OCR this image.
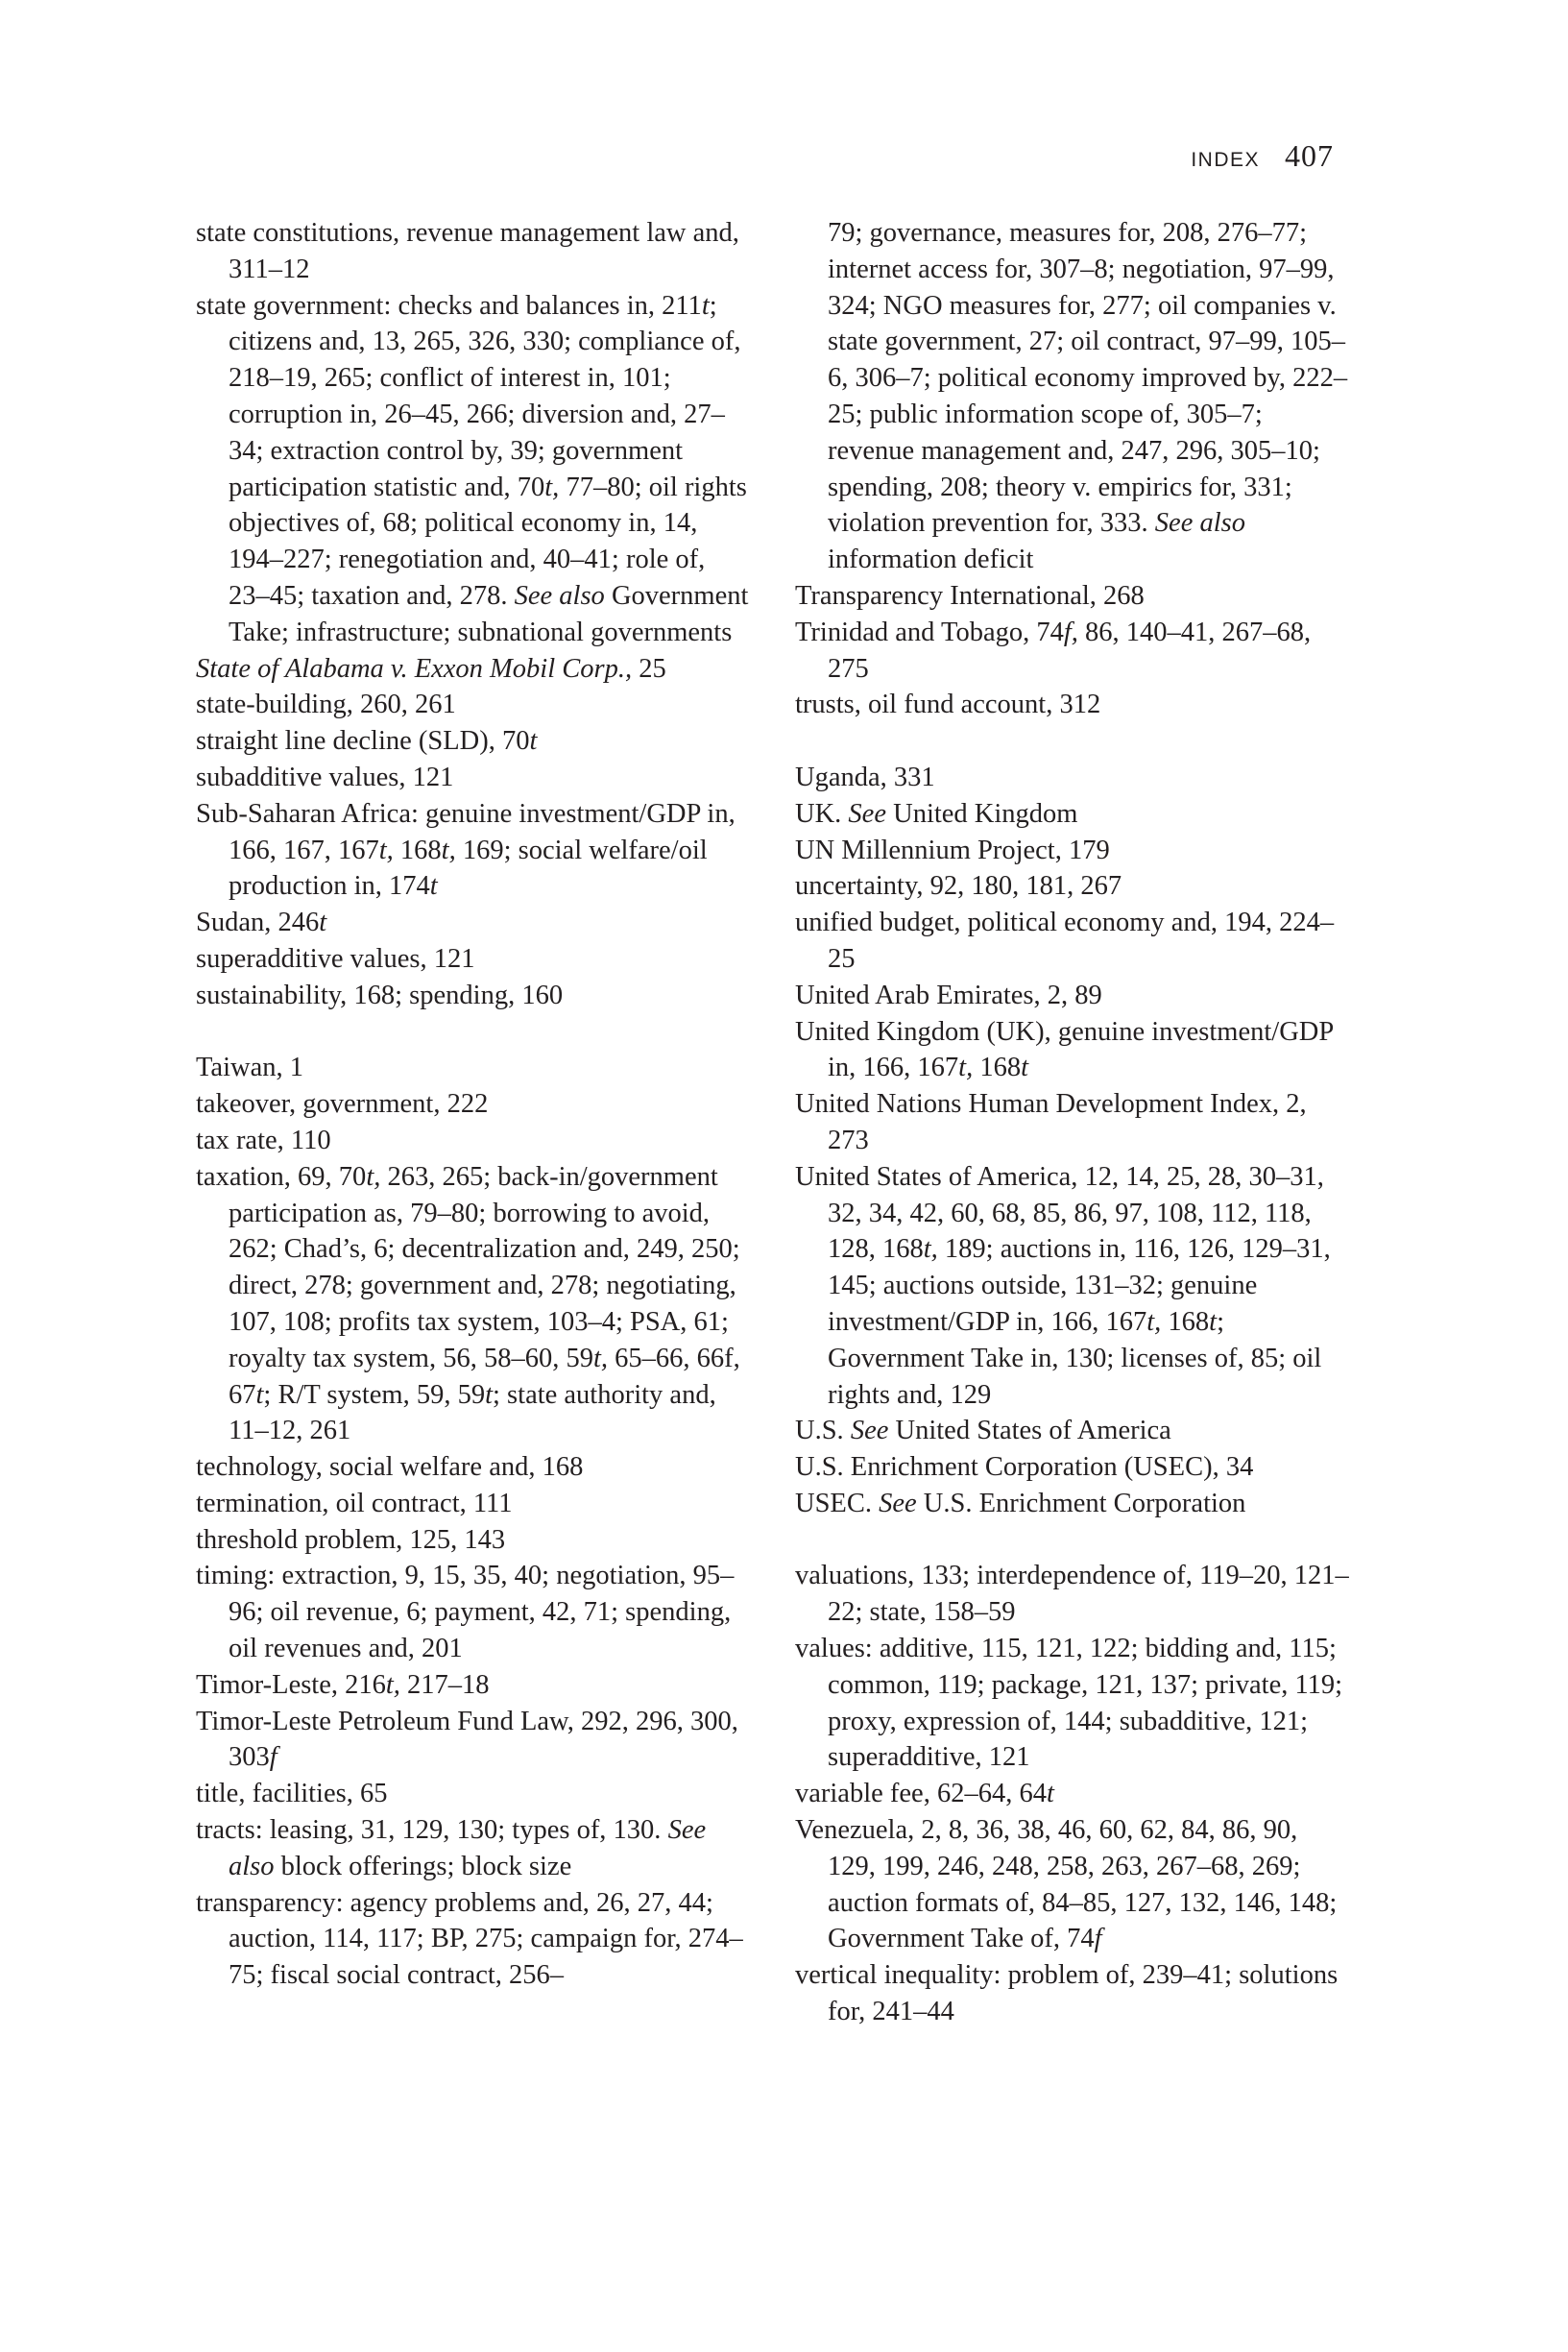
INDEX 407
state constitutions, revenue management law and, 311–12
state government: checks and balances in, 211t; citizens and, 13, 265, 326, 330; compliance of, 218–19, 265; conflict of interest in, 101; corruption in, 26–45, 266; diversion and, 27–34; extraction control by, 39; government participation statistic and, 70t, 77–80; oil rights objectives of, 68; political economy in, 14, 194–227; renegotiation and, 40–41; role of, 23–45; taxation and, 278. See also Government Take; infrastructure; subnational governments
State of Alabama v. Exxon Mobil Corp., 25
state-building, 260, 261
straight line decline (SLD), 70t
subadditive values, 121
Sub-Saharan Africa: genuine investment/GDP in, 166, 167, 167t, 168t, 169; social welfare/oil production in, 174t
Sudan, 246t
superadditive values, 121
sustainability, 168; spending, 160
Taiwan, 1
takeover, government, 222
tax rate, 110
taxation, 69, 70t, 263, 265; back-in/government participation as, 79–80; borrowing to avoid, 262; Chad’s, 6; decentralization and, 249, 250; direct, 278; government and, 278; negotiating, 107, 108; profits tax system, 103–4; PSA, 61; royalty tax system, 56, 58–60, 59t, 65–66, 66f, 67t; R/T system, 59, 59t; state authority and, 11–12, 261
technology, social welfare and, 168
termination, oil contract, 111
threshold problem, 125, 143
timing: extraction, 9, 15, 35, 40; negotiation, 95–96; oil revenue, 6; payment, 42, 71; spending, oil revenues and, 201
Timor-Leste, 216t, 217–18
Timor-Leste Petroleum Fund Law, 292, 296, 300, 303f
title, facilities, 65
tracts: leasing, 31, 129, 130; types of, 130. See also block offerings; block size
transparency: agency problems and, 26, 27, 44; auction, 114, 117; BP, 275; campaign for, 274–75; fiscal social contract, 256–
79; governance, measures for, 208, 276–77; internet access for, 307–8; negotiation, 97–99, 324; NGO measures for, 277; oil companies v. state government, 27; oil contract, 97–99, 105–6, 306–7; political economy improved by, 222–25; public information scope of, 305–7; revenue management and, 247, 296, 305–10; spending, 208; theory v. empirics for, 331; violation prevention for, 333. See also information deficit
Transparency International, 268
Trinidad and Tobago, 74f, 86, 140–41, 267–68, 275
trusts, oil fund account, 312
Uganda, 331
UK. See United Kingdom
UN Millennium Project, 179
uncertainty, 92, 180, 181, 267
unified budget, political economy and, 194, 224–25
United Arab Emirates, 2, 89
United Kingdom (UK), genuine investment/GDP in, 166, 167t, 168t
United Nations Human Development Index, 2, 273
United States of America, 12, 14, 25, 28, 30–31, 32, 34, 42, 60, 68, 85, 86, 97, 108, 112, 118, 128, 168t, 189; auctions in, 116, 126, 129–31, 145; auctions outside, 131–32; genuine investment/GDP in, 166, 167t, 168t; Government Take in, 130; licenses of, 85; oil rights and, 129
U.S. See United States of America
U.S. Enrichment Corporation (USEC), 34
USEC. See U.S. Enrichment Corporation
valuations, 133; interdependence of, 119–20, 121–22; state, 158–59
values: additive, 115, 121, 122; bidding and, 115; common, 119; package, 121, 137; private, 119; proxy, expression of, 144; subadditive, 121; superadditive, 121
variable fee, 62–64, 64t
Venezuela, 2, 8, 36, 38, 46, 60, 62, 84, 86, 90, 129, 199, 246, 248, 258, 263, 267–68, 269; auction formats of, 84–85, 127, 132, 146, 148; Government Take of, 74f
vertical inequality: problem of, 239–41; solutions for, 241–44
